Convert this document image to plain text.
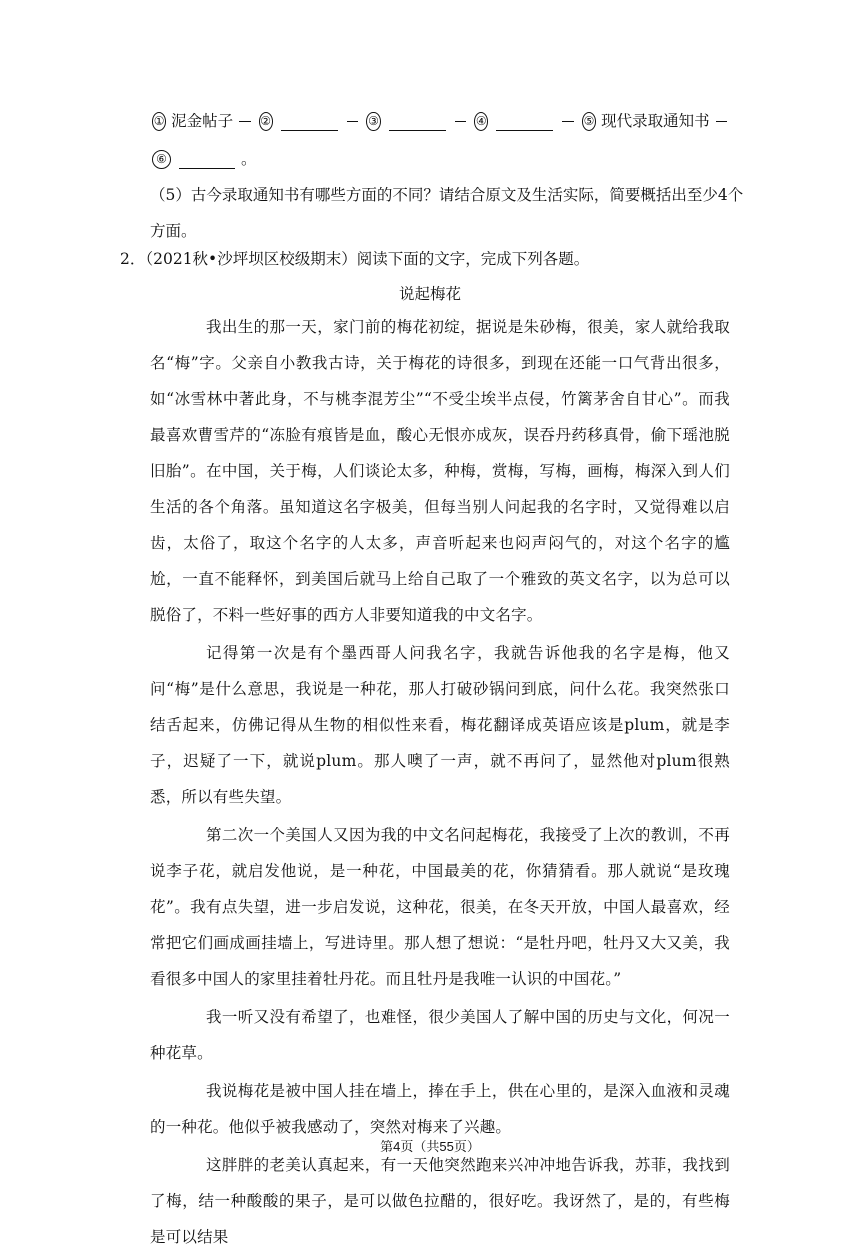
① 泥金帖子 ②	③	④	⑤ 现代录取通知书
⑥	。
（5）古今录取通知书有哪些方面的不同？请结合原文及生活实际，简要概括出至少4个
方面。
2．（2021秋•沙坪坝区校级期末）阅读下面的文字，完成下列各题。
说起梅花

我出生的那一天，家门前的梅花初绽，据说是朱砂梅，很美，家人就给我取名“梅”字。父亲自小教我古诗，关于梅花的诗很多，到现在还能一口气背出很多，如“冰雪林中著此身，不与桃李混芳尘”“不受尘埃半点侵，竹篱茅舍自甘心”。而我最喜欢曹雪芹的“冻脸有痕皆是血，酸心无恨亦成灰，误吞丹药移真骨，偷下瑶池脱旧胎”。在中国，关于梅，人们谈论太多，种梅，赏梅，写梅，画梅，梅深入到人们生活的各个角落。虽知道这名字极美，但每当别人问起我的名字时，又觉得难以启齿，太俗了，取这个名字的人太多，声音听起来也闷声闷气的，对这个名字的尴尬，一直不能释怀，到美国后就马上给自己取了一个雅致的英文名字，以为总可以脱俗了，不料一些好事的西方人非要知道我的中文名字。

记得第一次是有个墨西哥人问我名字，我就告诉他我的名字是梅，他又问“梅”是什么意思，我说是一种花，那人打破砂锅问到底，问什么花。我突然张口结舌起来，仿佛记得从生物的相似性来看，梅花翻译成英语应该是plum，就是李子，迟疑了一下，就说plum。那人噢了一声，就不再问了，显然他对plum很熟悉，所以有些失望。

第二次一个美国人又因为我的中文名问起梅花，我接受了上次的教训，不再说李子花，就启发他说，是一种花，中国最美的花，你猜猜看。那人就说“是玫瑰花”。我有点失望，进一步启发说，这种花，很美，在冬天开放，中国人最喜欢，经常把它们画成画挂墙上，写进诗里。那人想了想说：“是牡丹吧，牡丹又大又美，我看很多中国人的家里挂着牡丹花。而且牡丹是我唯一认识的中国花。”

我一听又没有希望了，也难怪，很少美国人了解中国的历史与文化，何况一种花草。

我说梅花是被中国人挂在墙上，捧在手上，供在心里的，是深入血液和灵魂的一种花。他似乎被我感动了，突然对梅来了兴趣。

这胖胖的老美认真起来，有一天他突然跑来兴冲冲地告诉我，苏菲，我找到了梅，结一种酸酸的果子，是可以做色拉醋的，很好吃。我讶然了，是的，有些梅是可以结果

第4页（共55页）
